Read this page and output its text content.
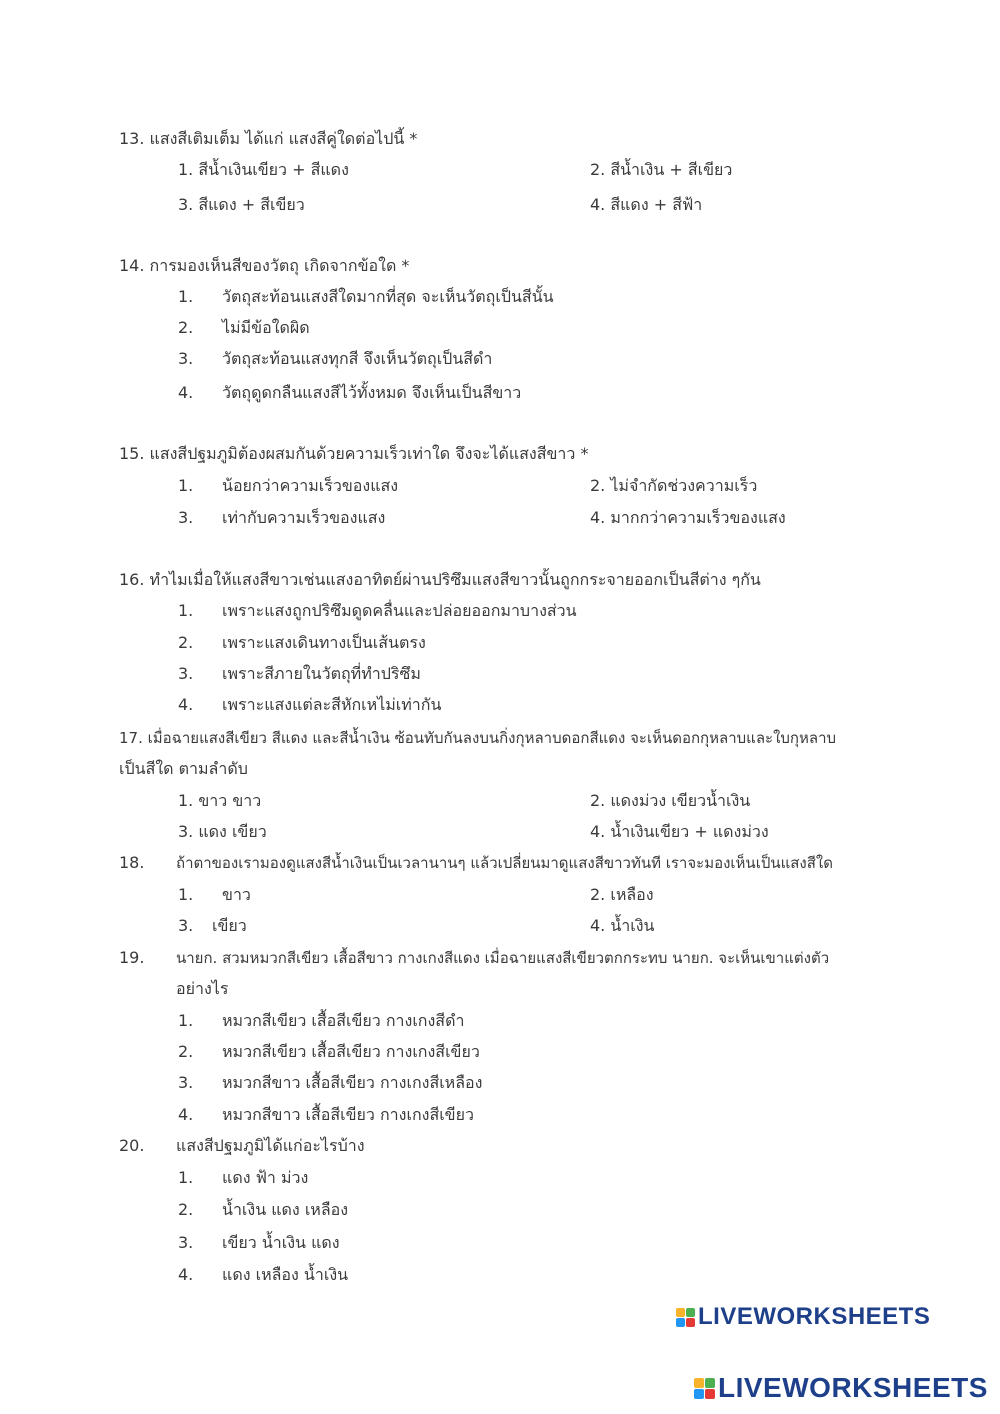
13. แสงสีเติมเต็ม ได้แก่ แสงสีคู่ใดต่อไปนี้ *
1. สีน้ำเงินเขียว + สีแดง	2. สีน้ำเงิน + สีเขียว
3. สีแดง + สีเขียว	4. สีแดง + สีฟ้า
14. การมองเห็นสีของวัตถุ เกิดจากข้อใด *
1. วัตถุสะท้อนแสงสีใดมากที่สุด จะเห็นวัตถุเป็นสีนั้น
2. ไม่มีข้อใดผิด
3. วัตถุสะท้อนแสงทุกสี จึงเห็นวัตถุเป็นสีดำ
4. วัตถุดูดกลืนแสงสีไว้ทั้งหมด จึงเห็นเป็นสีขาว
15. แสงสีปฐมภูมิต้องผสมกันด้วยความเร็วเท่าใด จึงจะได้แสงสีขาว *
1. น้อยกว่าความเร็วของแสง	2. ไม่จำกัดช่วงความเร็ว
3. เท่ากับความเร็วของแสง	4. มากกว่าความเร็วของแสง
16. ทำไมเมื่อให้แสงสีขาวเช่นแสงอาทิตย์ผ่านปริซึมแสงสีขาวนั้นถูกกระจายออกเป็นสีต่าง ๆกัน
1. เพราะแสงถูกปริซึมดูดคลื่นและปล่อยออกมาบางส่วน
2. เพราะแสงเดินทางเป็นเส้นตรง
3. เพราะสีภายในวัตถุที่ทำปริซึม
4. เพราะแสงแต่ละสีหักเหไม่เท่ากัน
17. เมื่อฉายแสงสีเขียว สีแดง และสีน้ำเงิน ซ้อนทับกันลงบนกิ่งกุหลาบดอกสีแดง จะเห็นดอกกุหลาบและใบกุหลาบ
เป็นสีใด ตามลำดับ
1. ขาว ขาว	2. แดงม่วง เขียวน้ำเงิน
3. แดง เขียว	4. น้ำเงินเขียว + แดงม่วง
18. ถ้าตาของเรามองดูแสงสีน้ำเงินเป็นเวลานานๆ แล้วเปลี่ยนมาดูแสงสีขาวทันที เราจะมองเห็นเป็นแสงสีใด
1. ขาว	2. เหลือง
3. เขียว	4. น้ำเงิน
19. นายก. สวมหมวกสีเขียว เสื้อสีขาว กางเกงสีแดง เมื่อฉายแสงสีเขียวตกกระทบ นายก. จะเห็นเขาแต่งตัว
อย่างไร
1. หมวกสีเขียว เสื้อสีเขียว กางเกงสีดำ
2. หมวกสีเขียว เสื้อสีเขียว กางเกงสีเขียว
3. หมวกสีขาว เสื้อสีเขียว กางเกงสีเหลือง
4. หมวกสีขาว เสื้อสีเขียว กางเกงสีเขียว
20. แสงสีปฐมภูมิได้แก่อะไรบ้าง
1. แดง ฟ้า ม่วง
2. น้ำเงิน แดง เหลือง
3. เขียว น้ำเงิน แดง
4. แดง เหลือง น้ำเงิน
LIVEWORKSHEETS
LIVEWORKSHEETS
